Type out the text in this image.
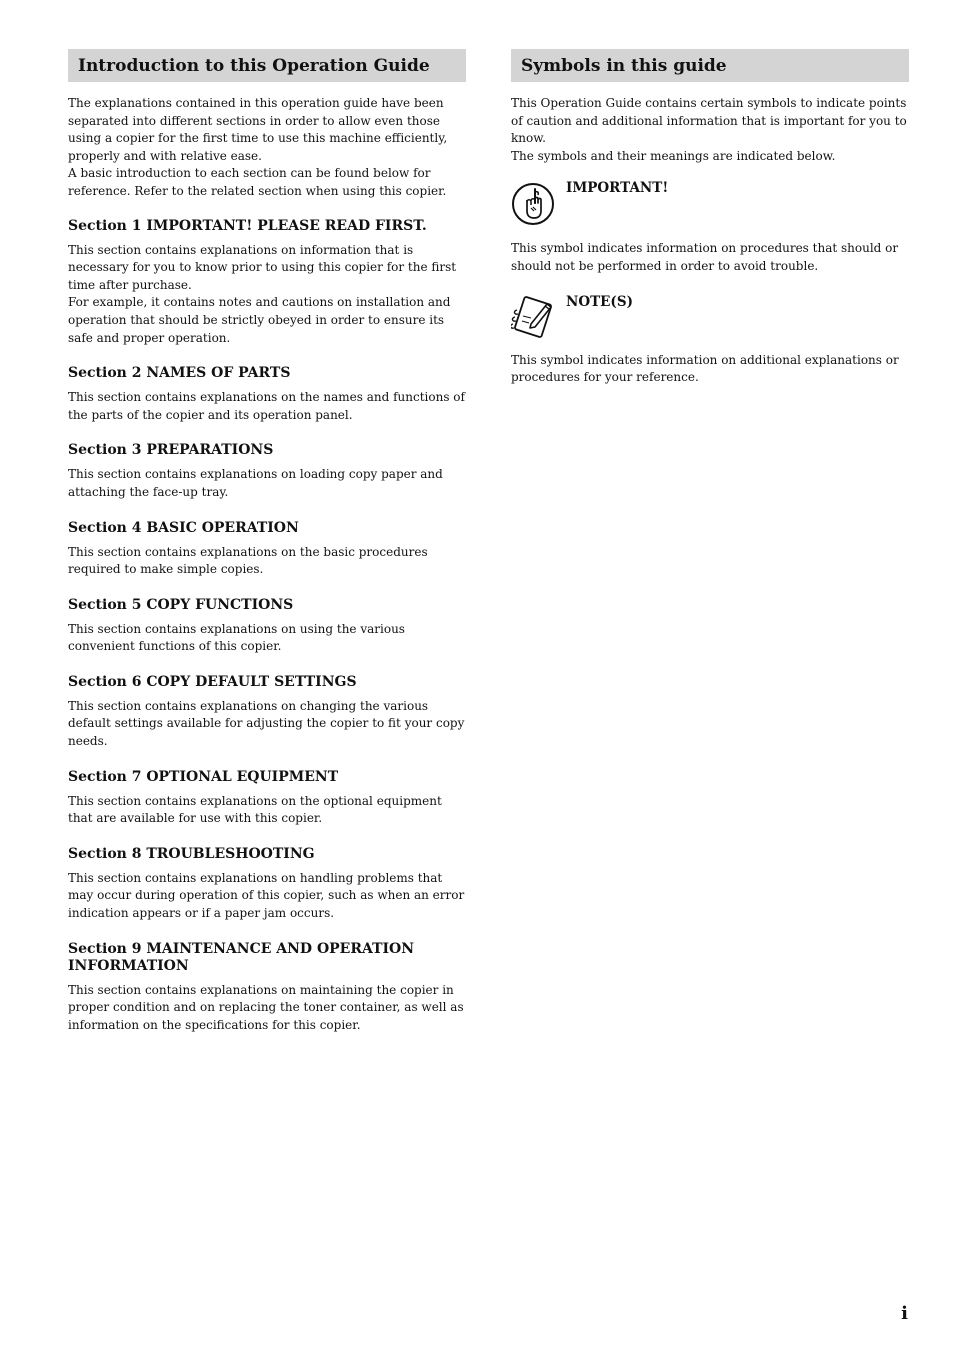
Introduction to this Operation Guide

The explanations contained in this operation guide have been separated into different sections in order to allow even those using a copier for the first time to use this machine efficiently, properly and with relative ease.

A basic introduction to each section can be found below for reference. Refer to the related section when using this copier.

Section 1 IMPORTANT! PLEASE READ FIRST.

This section contains explanations on information that is necessary for you to know prior to using this copier for the first time after purchase.

For example, it contains notes and cautions on installation and operation that should be strictly obeyed in order to ensure its safe and proper operation.

Section 2 NAMES OF PARTS

This section contains explanations on the names and functions of the parts of the copier and its operation panel.

Section 3 PREPARATIONS

This section contains explanations on loading copy paper and attaching the face-up tray.

Section 4 BASIC OPERATION

This section contains explanations on the basic procedures required to make simple copies.

Section 5 COPY FUNCTIONS

This section contains explanations on using the various convenient functions of this copier.

Section 6 COPY DEFAULT SETTINGS

This section contains explanations on changing the various default settings available for adjusting the copier to fit your copy needs.

Section 7 OPTIONAL EQUIPMENT

This section contains explanations on the optional equipment that are available for use with this copier.

Section 8 TROUBLESHOOTING

This section contains explanations on handling problems that may occur during operation of this copier, such as when an error indication appears or if a paper jam occurs.

Section 9 MAINTENANCE AND OPERATION INFORMATION

This section contains explanations on maintaining the copier in proper condition and on replacing the toner container, as well as information on the specifications for this copier.

Symbols in this guide

This Operation Guide contains certain symbols to indicate points of caution and additional information that is important for you to know.

The symbols and their meanings are indicated below.

IMPORTANT!

This symbol indicates information on procedures that should or should not be performed in order to avoid trouble.

NOTE(S)

This symbol indicates information on additional explanations or procedures for your reference.

i
